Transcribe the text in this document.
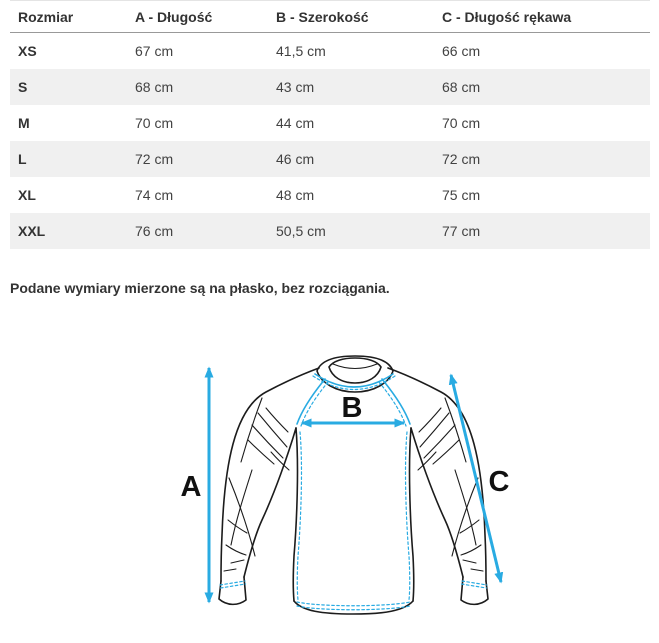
Rozmiar	A - Długość	B - Szerokość	C - Długość rękawa
XS	67 cm	41,5 cm	66 cm
S	68 cm	43 cm	68 cm
M	70 cm	44 cm	70 cm
L	72 cm	46 cm	72 cm
XL	74 cm	48 cm	75 cm
XXL	76 cm	50,5 cm	77 cm
Podane wymiary mierzone są na płasko, bez rozciągania.
A
B
C
